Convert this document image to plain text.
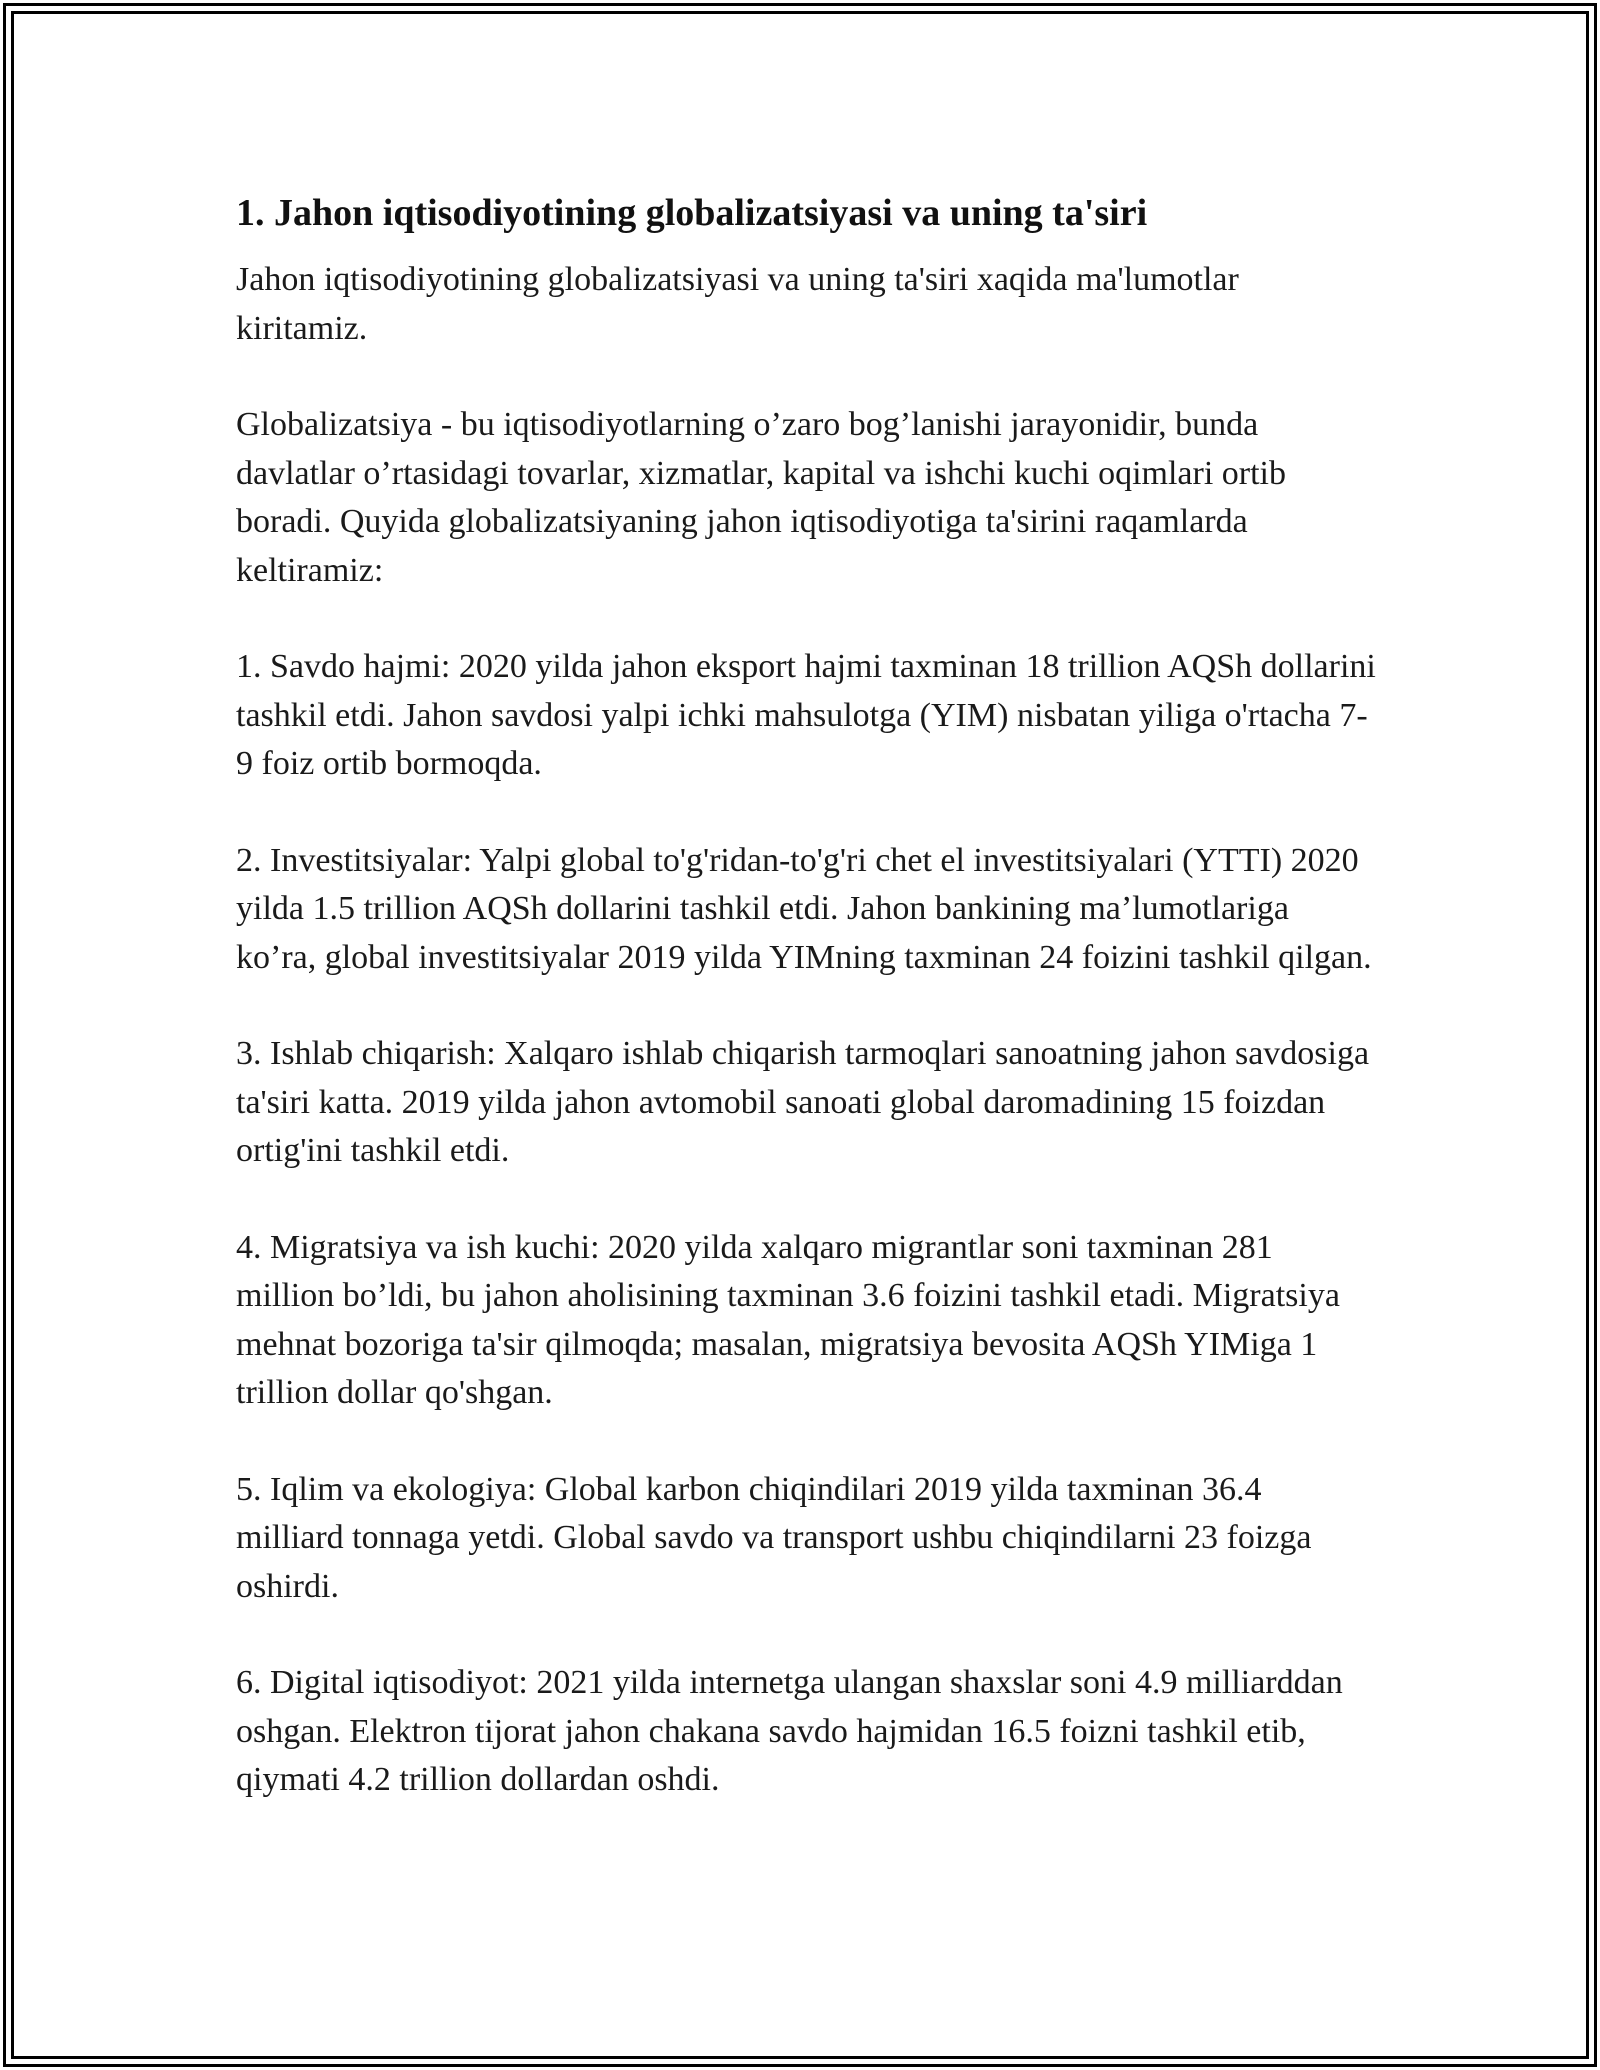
1. Jahon iqtisodiyotining globalizatsiyasi va uning ta'siri

Jahon iqtisodiyotining globalizatsiyasi va uning ta'siri xaqida ma'lumotlar kiritamiz.

Globalizatsiya - bu iqtisodiyotlarning o’zaro bog’lanishi jarayonidir, bunda davlatlar o’rtasidagi tovarlar, xizmatlar, kapital va ishchi kuchi oqimlari ortib boradi. Quyida globalizatsiyaning jahon iqtisodiyotiga ta'sirini raqamlarda keltiramiz:

1. Savdo hajmi: 2020 yilda jahon eksport hajmi taxminan 18 trillion AQSh dollarini tashkil etdi. Jahon savdosi yalpi ichki mahsulotga (YIM) nisbatan yiliga o'rtacha 7-9 foiz ortib bormoqda.

2. Investitsiyalar: Yalpi global to'g'ridan-to'g'ri chet el investitsiyalari (YTTI) 2020 yilda 1.5 trillion AQSh dollarini tashkil etdi. Jahon bankining ma’lumotlariga ko’ra, global investitsiyalar 2019 yilda YIMning taxminan 24 foizini tashkil qilgan.

3. Ishlab chiqarish: Xalqaro ishlab chiqarish tarmoqlari sanoatning jahon savdosiga ta'siri katta. 2019 yilda jahon avtomobil sanoati global daromadining 15 foizdan ortig'ini tashkil etdi.

4. Migratsiya va ish kuchi: 2020 yilda xalqaro migrantlar soni taxminan 281 million bo’ldi, bu jahon aholisining taxminan 3.6 foizini tashkil etadi. Migratsiya mehnat bozoriga ta'sir qilmoqda; masalan, migratsiya bevosita AQSh YIMiga 1 trillion dollar qo'shgan.

5. Iqlim va ekologiya: Global karbon chiqindilari 2019 yilda taxminan 36.4 milliard tonnaga yetdi. Global savdo va transport ushbu chiqindilarni 23 foizga oshirdi.

6. Digital iqtisodiyot: 2021 yilda internetga ulangan shaxslar soni 4.9 milliarddan oshgan. Elektron tijorat jahon chakana savdo hajmidan 16.5 foizni tashkil etib, qiymati 4.2 trillion dollardan oshdi.
